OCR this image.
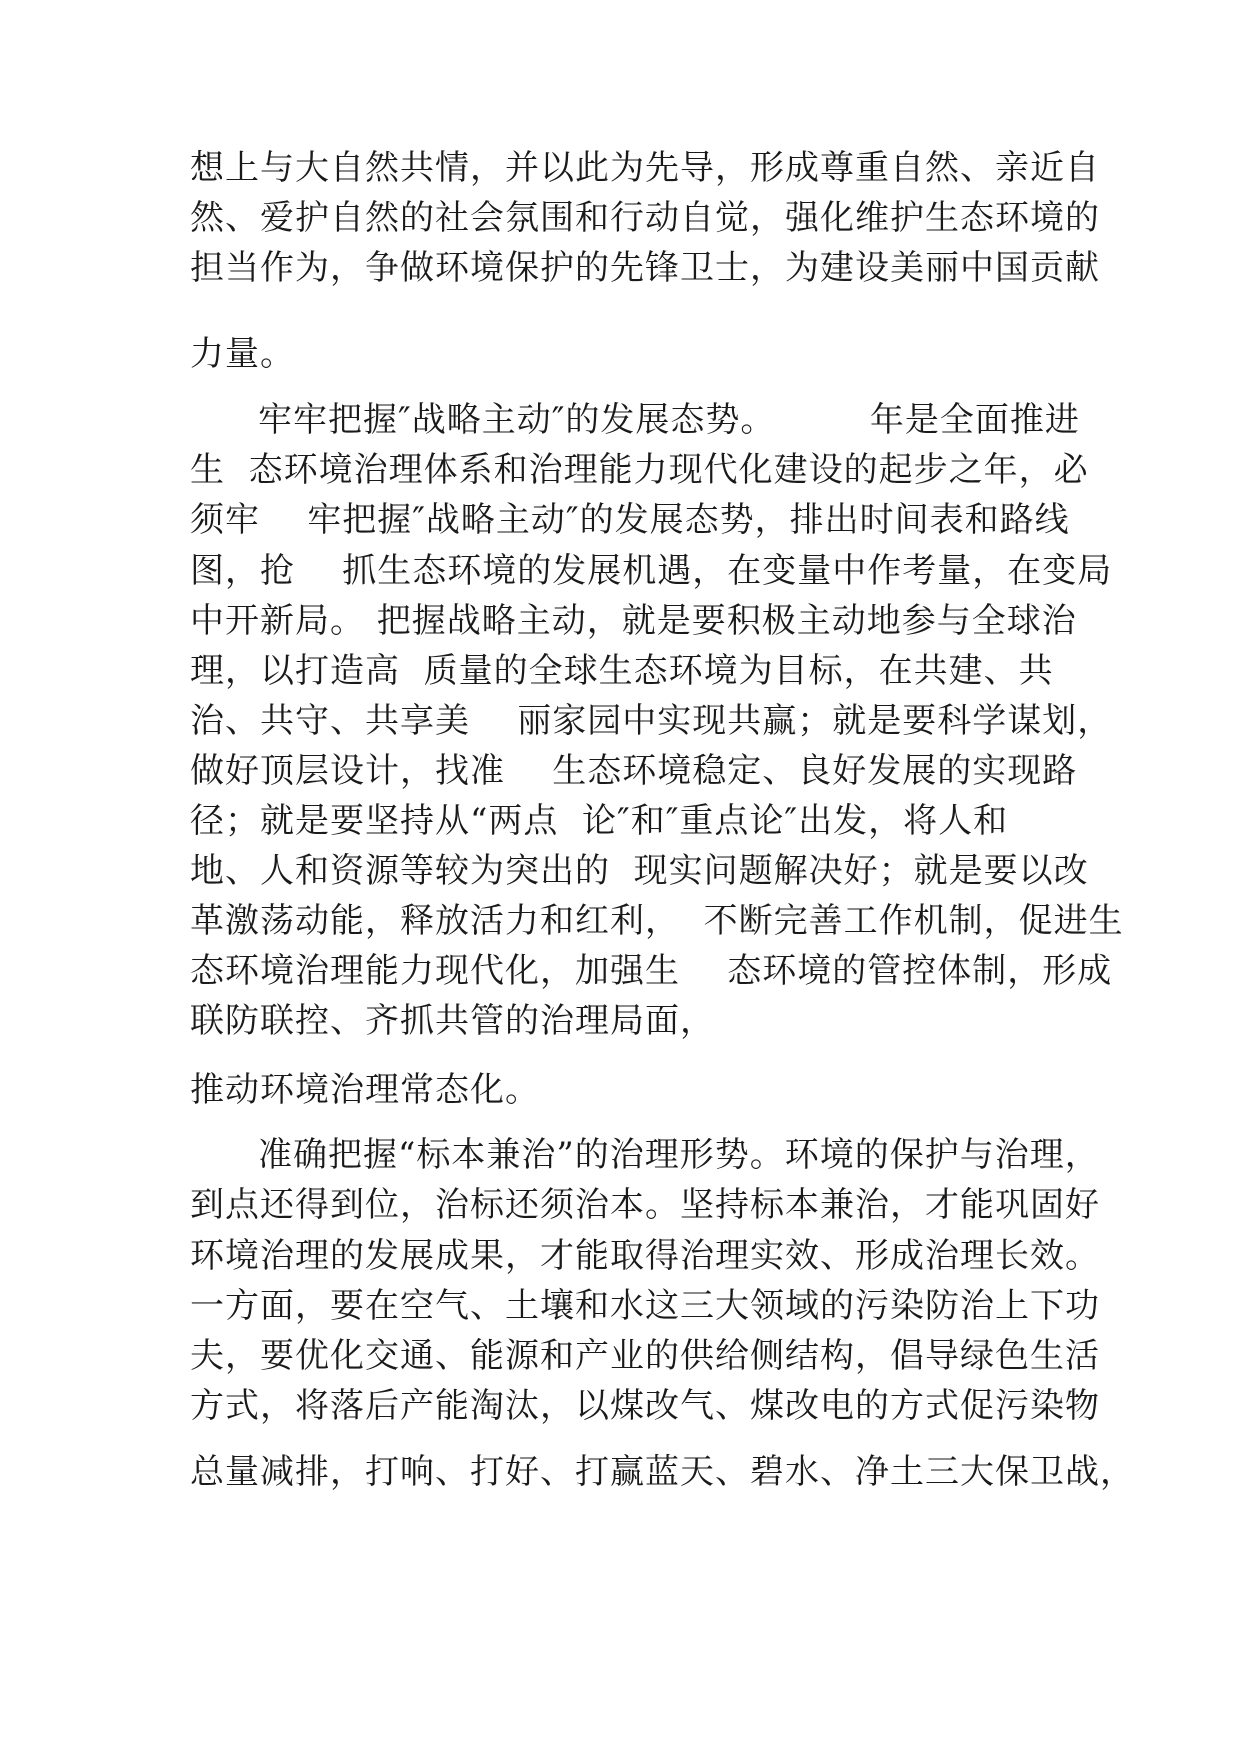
想上与大自然共情，并以此为先导，形成尊重自然、亲近自
然、爱护自然的社会氛围和行动自觉，强化维护生态环境的
担当作为，争做环境保护的先锋卫士，为建设美丽中国贡献
力量。
牢牢把握″战略主动″的发展态势。        年是全面推进
生  态环境治理体系和治理能力现代化建设的起步之年，必
须牢    牢把握″战略主动″的发展态势，排出时间表和路线
图，抢    抓生态环境的发展机遇，在变量中作考量，在变局
中开新局。 把握战略主动，就是要积极主动地参与全球治
理，以打造高  质量的全球生态环境为目标，在共建、共
治、共守、共享美    丽家园中实现共赢；就是要科学谋划，
做好顶层设计，找准    生态环境稳定、良好发展的实现路
径；就是要坚持从“两点  论″和″重点论″出发，将人和
地、人和资源等较为突出的  现实问题解决好；就是要以改
革激荡动能，释放活力和红利，  不断完善工作机制，促进生
态环境治理能力现代化，加强生    态环境的管控体制，形成
联防联控、齐抓共管的治理局面，
推动环境治理常态化。
准确把握“标本兼治”的治理形势。环境的保护与治理，
到点还得到位，治标还须治本。坚持标本兼治，才能巩固好
环境治理的发展成果，才能取得治理实效、形成治理长效。
一方面，要在空气、土壤和水这三大领域的污染防治上下功
夫，要优化交通、能源和产业的供给侧结构，倡导绿色生活
方式，将落后产能淘汰，以煤改气、煤改电的方式促污染物
总量减排，打响、打好、打赢蓝天、碧水、净土三大保卫战，
